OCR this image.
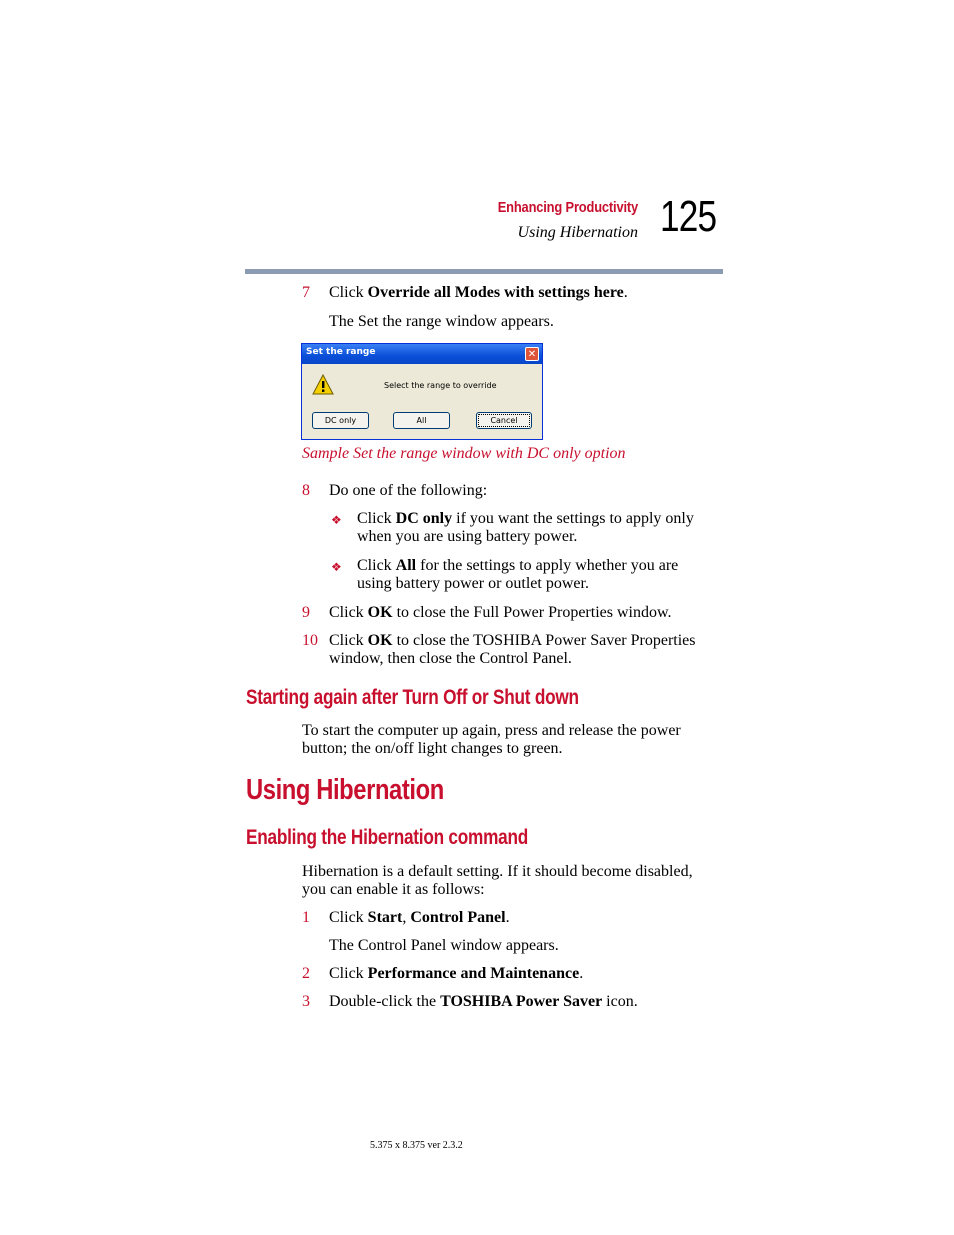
Enhancing Productivity
Using Hibernation 125
7 Click Override all Modes with settings here.
The Set the range window appears.
Set the range	✕
Select the range to override
DC only	All	Cancel
Sample Set the range window with DC only option
8 Do one of the following:
❖ Click DC only if you want the settings to apply only
when you are using battery power.
❖ Click All for the settings to apply whether you are
using battery power or outlet power.
9 Click OK to close the Full Power Properties window.
10 Click OK to close the TOSHIBA Power Saver Properties
window, then close the Control Panel.
Starting again after Turn Off or Shut down
To start the computer up again, press and release the power
button; the on/off light changes to green.
Using Hibernation
Enabling the Hibernation command
Hibernation is a default setting. If it should become disabled,
you can enable it as follows:
1 Click Start, Control Panel.
The Control Panel window appears.
2 Click Performance and Maintenance.
3 Double-click the TOSHIBA Power Saver icon.
5.375 x 8.375 ver 2.3.2
